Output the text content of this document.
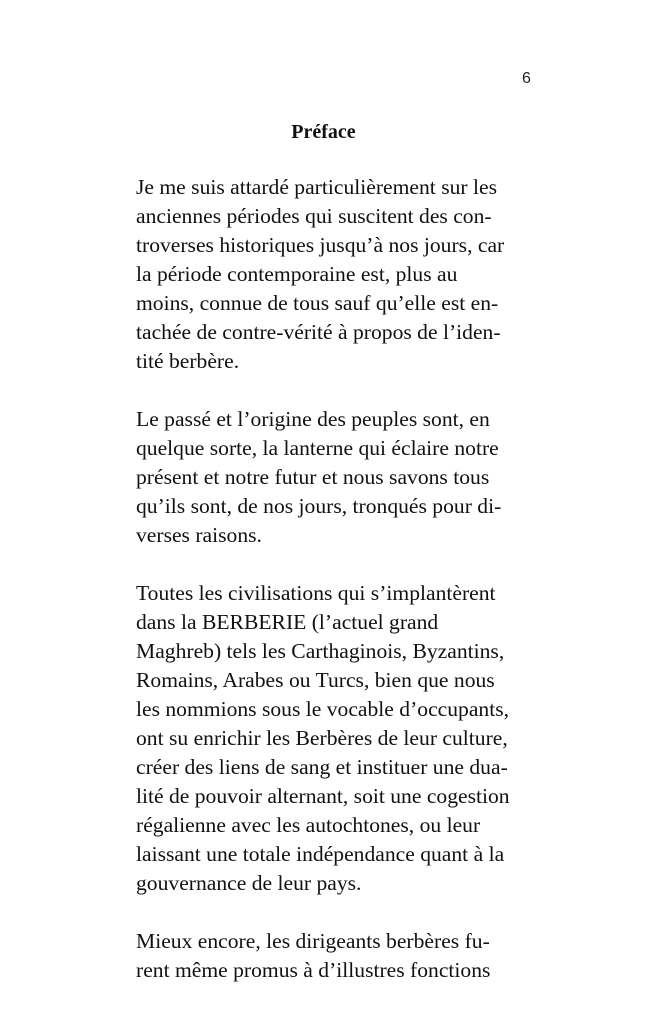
6
Préface

Je me suis attardé particulièrement sur les
anciennes périodes qui suscitent des con-
troverses historiques jusqu’à nos jours, car
la période contemporaine est, plus au
moins, connue de tous sauf qu’elle est en-
tachée de contre-vérité à propos de l’iden-
tité berbère.

Le passé et l’origine des peuples sont, en
quelque sorte, la lanterne qui éclaire notre
présent et notre futur et nous savons tous
qu’ils sont, de nos jours, tronqués pour di-
verses raisons.

Toutes les civilisations qui s’implantèrent
dans la BERBERIE (l’actuel grand
Maghreb) tels les Carthaginois, Byzantins,
Romains, Arabes ou Turcs, bien que nous
les nommions sous le vocable d’occupants,
ont su enrichir les Berbères de leur culture,
créer des liens de sang et instituer une dua-
lité de pouvoir alternant, soit une cogestion
régalienne avec les autochtones, ou leur
laissant une totale indépendance quant à la
gouvernance de leur pays.

Mieux encore, les dirigeants berbères fu-
rent même promus à d’illustres fonctions
